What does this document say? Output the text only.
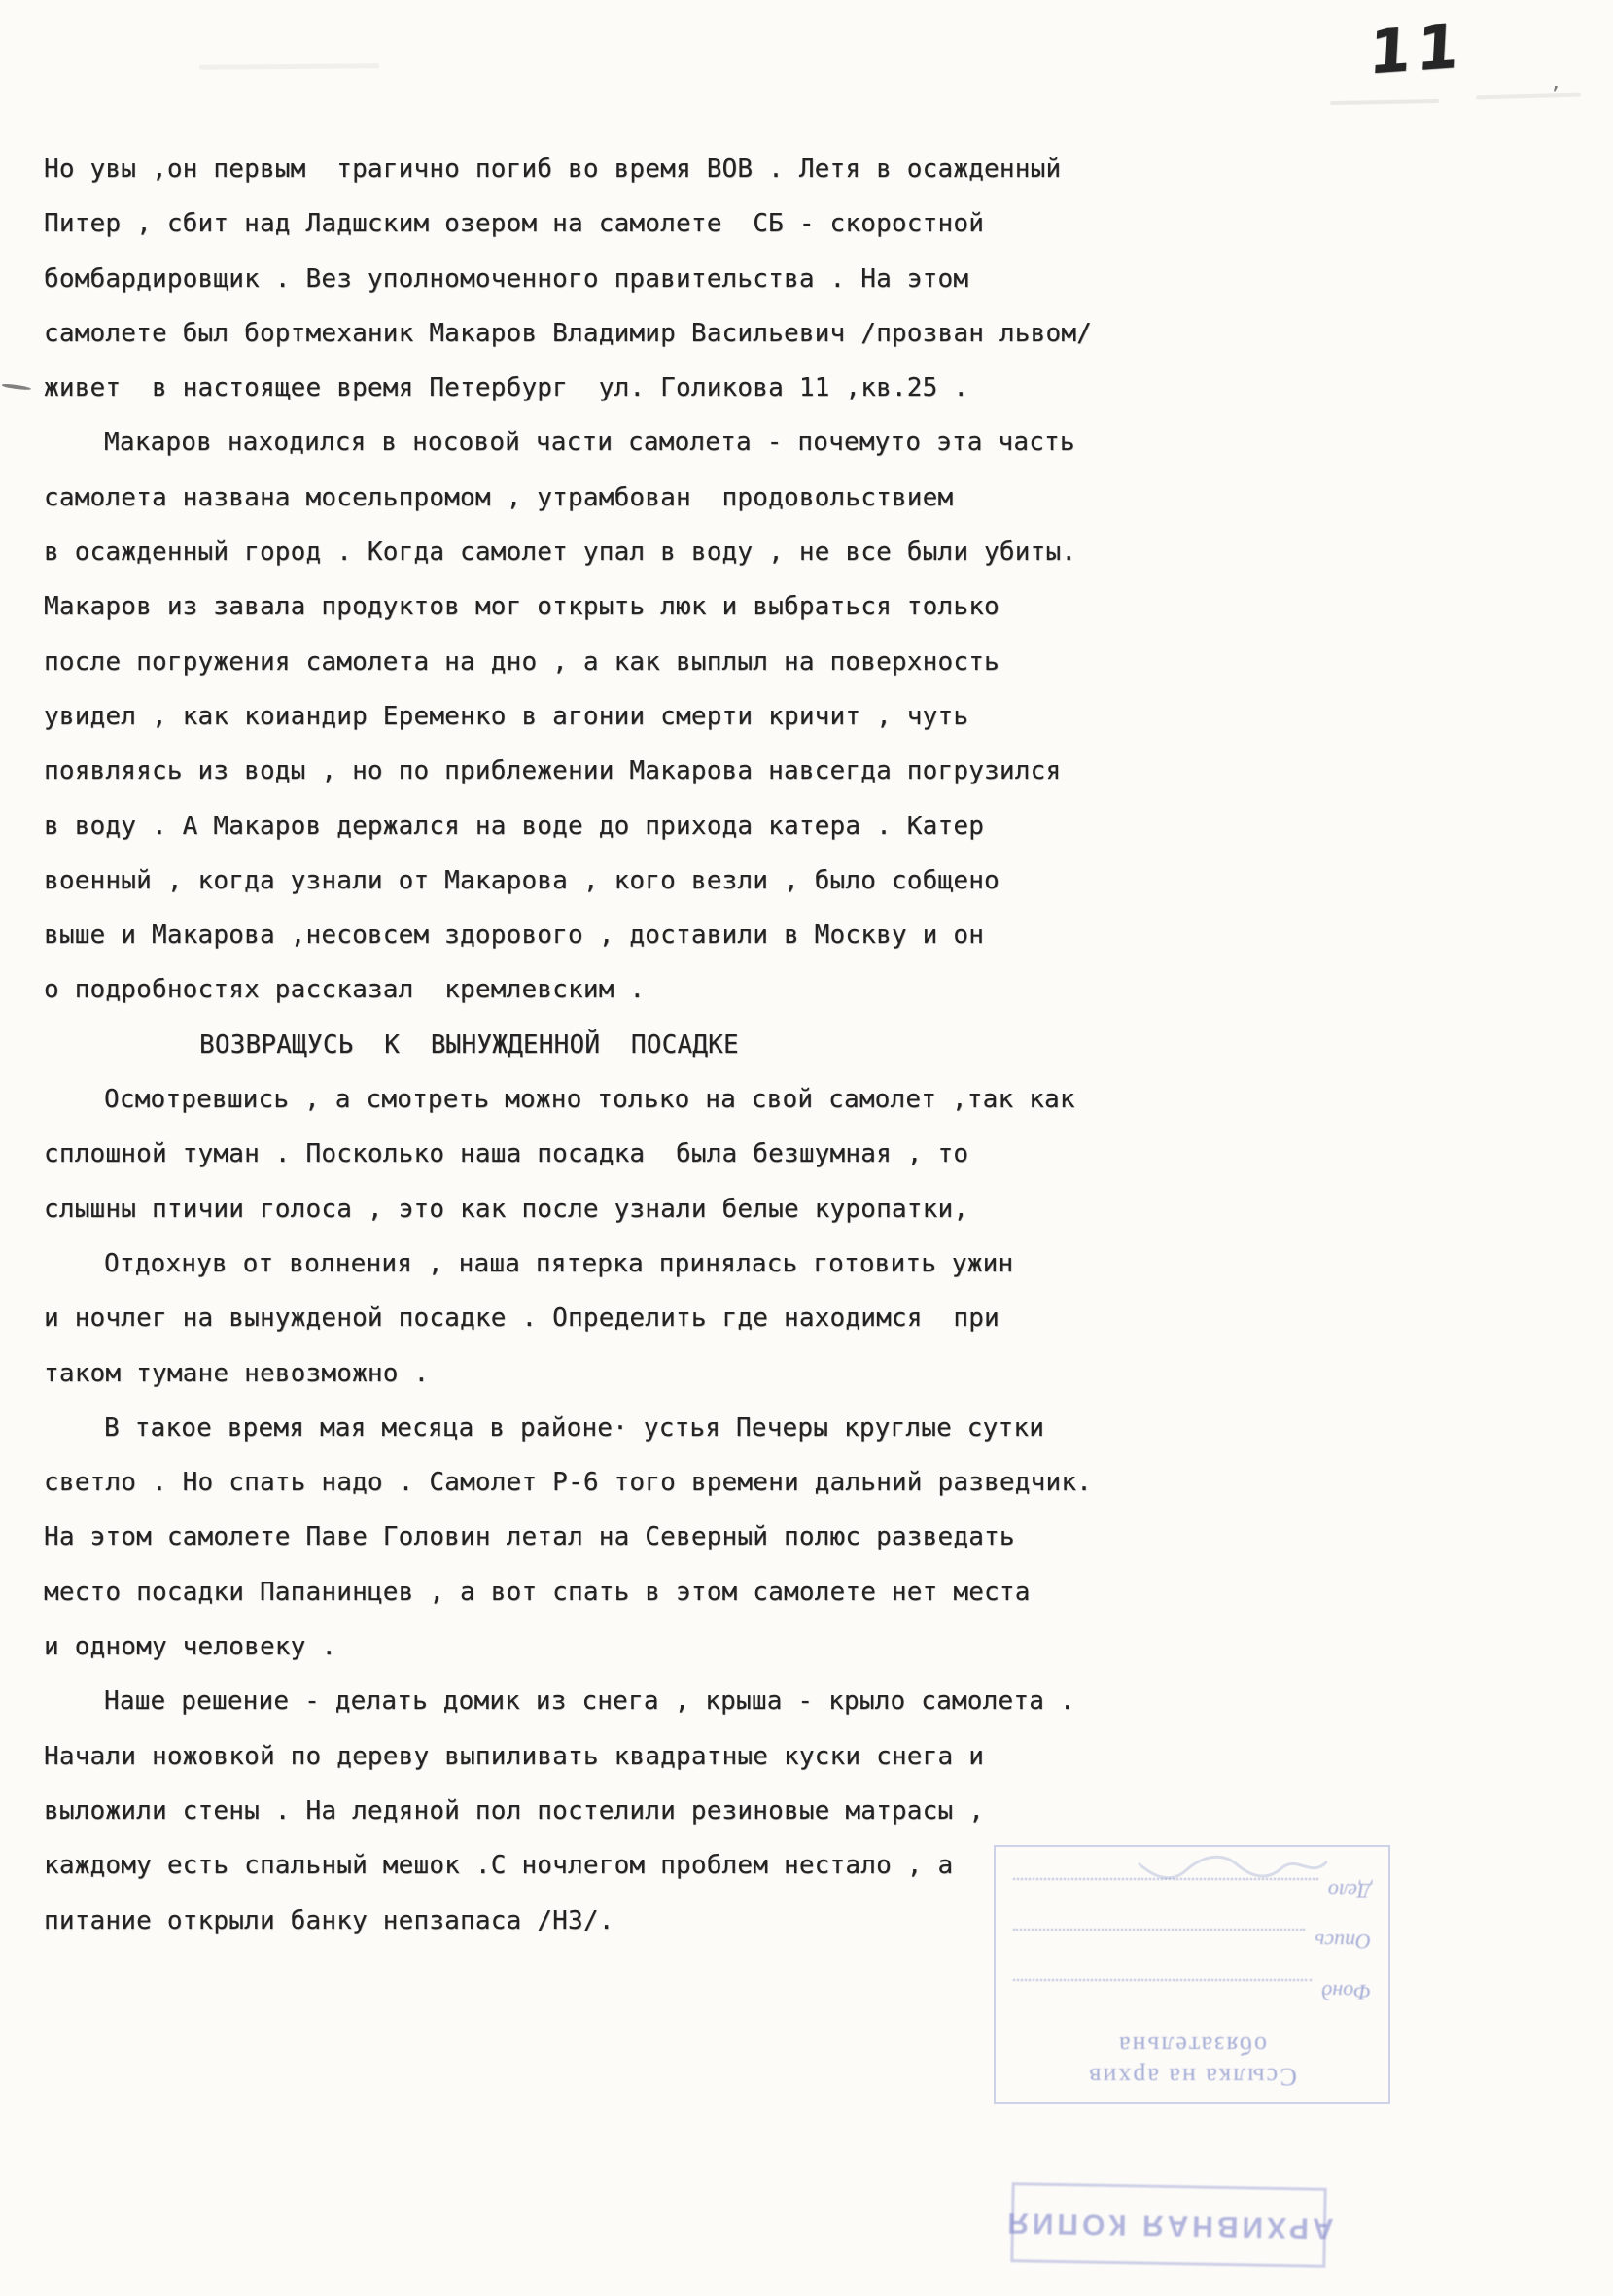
11
’
Но увы ,он первым  трагично погиб во время ВОВ . Летя в осажденный
Питер , сбит над Ладшским озером на самолете  СБ - скоростной
бомбардировщик . Вез уполномоченного правительства . На этом
самолете был бортмеханик Макаров Владимир Васильевич /прозван львом/
живет  в настоящее время Петербург  ул. Голикова 11 ,кв.25 .
Макаров находился в носовой части самолета - почемуто эта часть
самолета названа мосельпромом , утрамбован  продовольствием
в осажденный город . Когда самолет упал в воду , не все были убиты.
Макаров из завала продуктов мог открыть люк и выбраться только
после погружения самолета на дно , а как выплыл на поверхность
увидел , как коиандир Еременко в агонии смерти кричит , чуть
появляясь из воды , но по приблежении Макарова навсегда погрузился
в воду . А Макаров держался на воде до прихода катера . Катер
военный , когда узнали от Макарова , кого везли , было собщено
выше и Макарова ,несовсем здорового , доставили в Москву и он
о подробностях рассказал  кремлевским .
ВОЗВРАЩУСЬ  К  ВЫНУЖДЕННОЙ  ПОСАДКЕ
Осмотревшись , а смотреть можно только на свой самолет ,так как
сплошной туман . Посколько наша посадка  была безшумная , то
слышны птичии голоса , это как после узнали белые куропатки,
Отдохнув от волнения , наша пятерка принялась готовить ужин
и ночлег на вынужденой посадке . Определить где находимся  при
таком тумане невозможно .
В такое время мая месяца в районе· устья Печеры круглые сутки
светло . Но спать надо . Самолет Р-6 того времени дальний разведчик.
На этом самолете Паве Головин летал на Северный полюс разведать
место посадки Папанинцев , а вот спать в этом самолете нет места
и одному человеку .
Наше решение - делать домик из снега , крыша - крыло самолета .
Начали ножовкой по дереву выпиливать квадратные куски снега и
выложили стены . На ледяной пол постелили резиновые матрасы ,
каждому есть спальный мешок .С ночлегом проблем нестало , а
питание открыли банку непзапаса /НЗ/.
Ссылка на архив
обязательна
Фонд
Опись
Дело
АРХИВНАЯ КОПИЯ
